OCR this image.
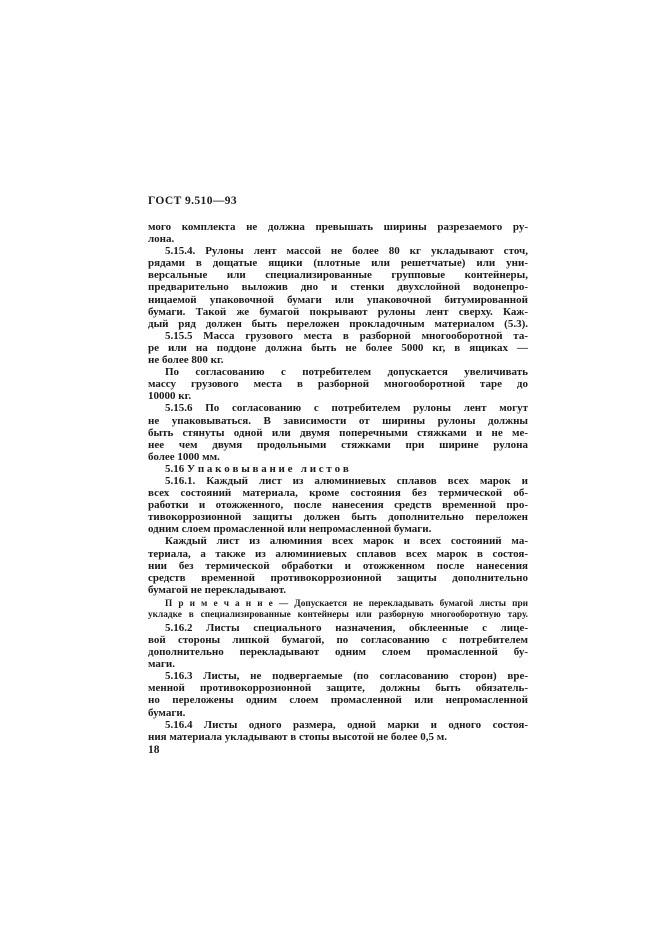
ГОСТ 9.510—93
мого комплекта не должна превышать ширины разрезаемого ру-
лона.
5.15.4. Рулоны лент массой не более 80 кг укладывают сточ,
рядами в дощатые ящики (плотные или решетчатые) или уни-
версальные или специализированные групповые контейнеры,
предварительно выложив дно и стенки двухслойной водонепро-
ницаемой упаковочной бумаги или упаковочной битумированной
бумаги. Такой же бумагой покрывают рулоны лент сверху. Каж-
дый ряд должен быть переложен прокладочным материалом (5.3).
5.15.5 Масса грузового места в разборной многооборотной та-
ре или на поддоне должна быть не более 5000 кг, в ящиках —
не более 800 кг.
По согласованию с потребителем допускается увеличивать
массу грузового места в разборной многооборотной таре до
10000 кг.
5.15.6 По согласованию с потребителем рулоны лент могут
не упаковываться. В зависимости от ширины рулоны должны
быть стянуты одной или двумя поперечными стяжками и не ме-
нее чем двумя продольными стяжками при ширине рулона
более 1000 мм.
5.16 У п а к о в ы в а н и е   л и с т о в
5.16.1. Каждый лист из алюминиевых сплавов всех марок и
всех состояний материала, кроме состояния без термической об-
работки и отожженного, после нанесения средств временной про-
тивокоррозионной защиты должен быть дополнительно переложен
одним слоем промасленной или непромасленной бумаги.
Каждый лист из алюминия всех марок и всех состояний ма-
териала, а также из алюминиевых сплавов всех марок в состоя-
нии без термической обработки и отожженном после нанесения
средств временной противокоррозионной защиты дополнительно
бумагой не перекладывают.
П р и м е ч а н и е — Допускается не перекладывать бумагой листы при
укладке в специализированные контейнеры или разборную многооборотную тару.
5.16.2 Листы специального назначения, обклеенные с лице-
вой стороны липкой бумагой, по согласованию с потребителем
дополнительно перекладывают одним слоем промасленной бу-
маги.
5.16.3 Листы, не подвергаемые (по согласованию сторон) вре-
менной противокоррозионной защите, должны быть обязатель-
но переложены одним слоем промасленной или непромасленной
бумаги.
5.16.4 Листы одного размера, одной марки и одного состоя-
ния материала укладывают в стопы высотой не более 0,5 м.
18
